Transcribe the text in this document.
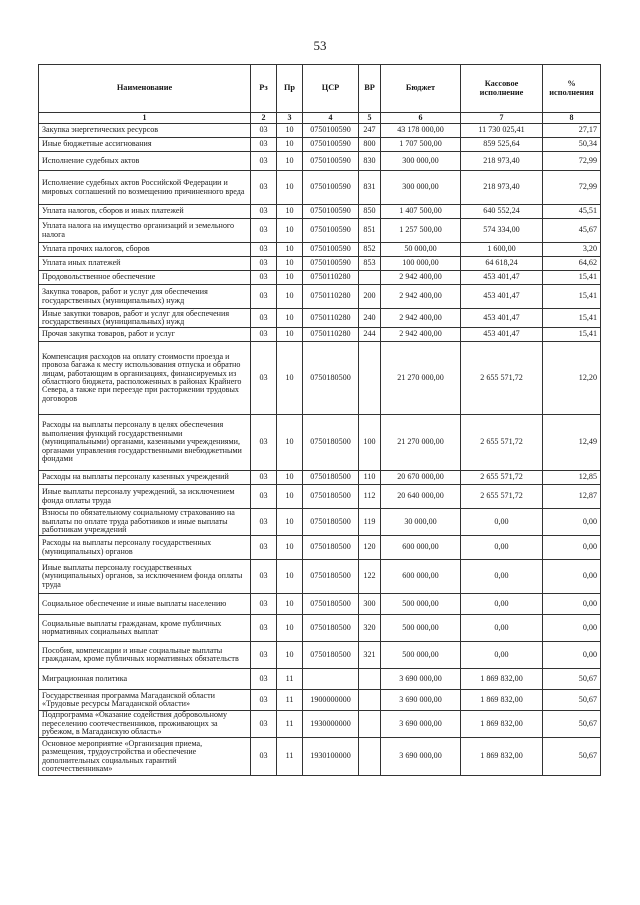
53
Наименование	Рз	Пр	ЦСР	ВР	Бюджет	Кассовое исполнение	% исполнения
1	2	3	4	5	6	7	8
Закупка энергетических ресурсов	03	10	0750100590	247	43 178 000,00	11 730 025,41	27,17
Иные бюджетные ассигнования	03	10	0750100590	800	1 707 500,00	859 525,64	50,34
Исполнение судебных актов	03	10	0750100590	830	300 000,00	218 973,40	72,99
Исполнение судебных актов Российской Федерации и мировых соглашений по возмещению причиненного вреда	03	10	0750100590	831	300 000,00	218 973,40	72,99
Уплата налогов, сборов и иных платежей	03	10	0750100590	850	1 407 500,00	640 552,24	45,51
Уплата налога на имущество организаций и земельного налога	03	10	0750100590	851	1 257 500,00	574 334,00	45,67
Уплата прочих налогов, сборов	03	10	0750100590	852	50 000,00	1 600,00	3,20
Уплата иных платежей	03	10	0750100590	853	100 000,00	64 618,24	64,62
Продовольственное обеспечение	03	10	0750110280		2 942 400,00	453 401,47	15,41
Закупка товаров, работ и услуг для обеспечения государственных (муниципальных) нужд	03	10	0750110280	200	2 942 400,00	453 401,47	15,41
Иные закупки товаров, работ и услуг для обеспечения государственных (муниципальных) нужд	03	10	0750110280	240	2 942 400,00	453 401,47	15,41
Прочая закупка товаров, работ и услуг	03	10	0750110280	244	2 942 400,00	453 401,47	15,41
Компенсация расходов на оплату стоимости проезда и провоза багажа к месту использования отпуска и обратно лицам, работающим в организациях, финансируемых из областного бюджета, расположенных в районах Крайнего Севера, а также при переезде при расторжении трудовых договоров	03	10	0750180500		21 270 000,00	2 655 571,72	12,20
Расходы на выплаты персоналу в целях обеспечения выполнения функций государственными (муниципальными) органами, казенными учреждениями, органами управления государственными внебюджетными фондами	03	10	0750180500	100	21 270 000,00	2 655 571,72	12,49
Расходы на выплаты персоналу казенных учреждений	03	10	0750180500	110	20 670 000,00	2 655 571,72	12,85
Иные выплаты персоналу учреждений, за исключением фонда оплаты труда	03	10	0750180500	112	20 640 000,00	2 655 571,72	12,87
Взносы по обязательному социальному страхованию на выплаты по оплате труда работников и иные выплаты работникам учреждений	03	10	0750180500	119	30 000,00	0,00	0,00
Расходы на выплаты персоналу государственных (муниципальных) органов	03	10	0750180500	120	600 000,00	0,00	0,00
Иные выплаты персоналу государственных (муниципальных) органов, за исключением фонда оплаты труда	03	10	0750180500	122	600 000,00	0,00	0,00
Социальное обеспечение и иные выплаты населению	03	10	0750180500	300	500 000,00	0,00	0,00
Социальные выплаты гражданам, кроме публичных нормативных социальных выплат	03	10	0750180500	320	500 000,00	0,00	0,00
Пособия, компенсации и иные социальные выплаты гражданам, кроме публичных нормативных обязательств	03	10	0750180500	321	500 000,00	0,00	0,00
Миграционная политика	03	11			3 690 000,00	1 869 832,00	50,67
Государственная программа Магаданской области «Трудовые ресурсы Магаданской области»	03	11	1900000000		3 690 000,00	1 869 832,00	50,67
Подпрограмма «Оказание содействия добровольному переселению соотечественников, проживающих за рубежом, в Магаданскую область»	03	11	1930000000		3 690 000,00	1 869 832,00	50,67
Основное мероприятие «Организация приема, размещения, трудоустройства и обеспечение дополнительных социальных гарантий соотечественникам»	03	11	1930100000		3 690 000,00	1 869 832,00	50,67
